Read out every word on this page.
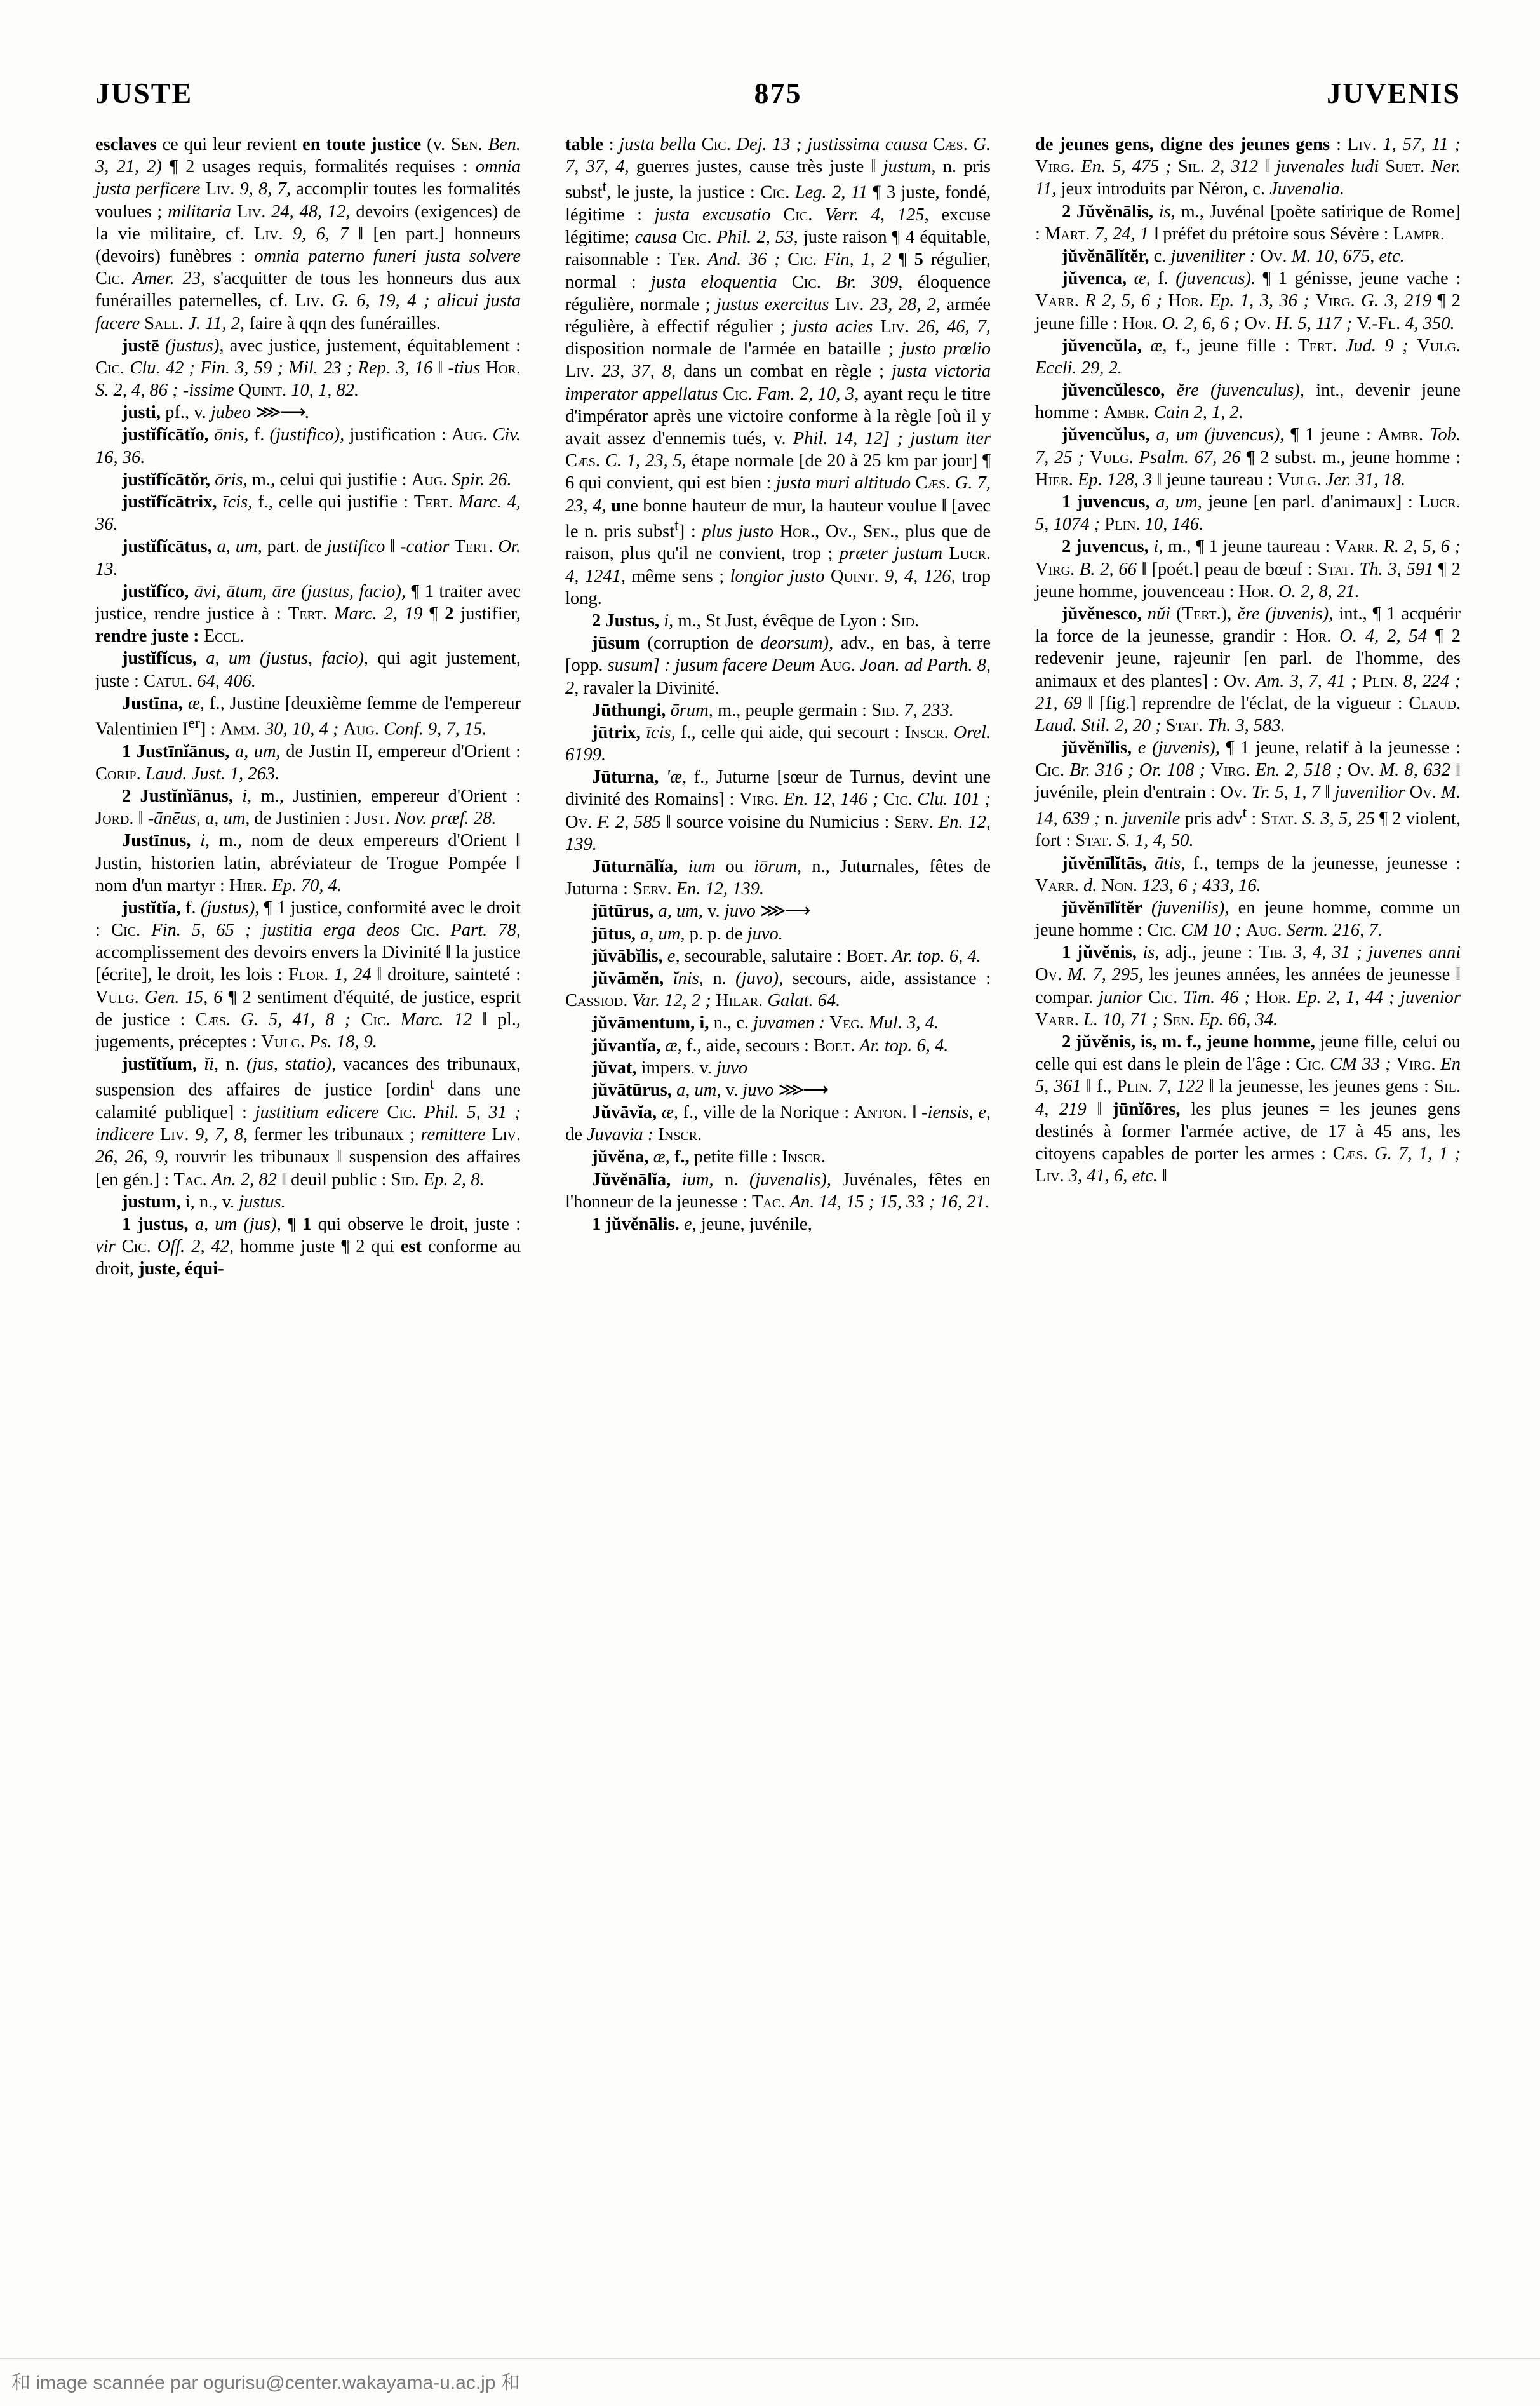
JUSTE	875	JUVENIS

esclaves ce qui leur revient en toute justice (v. Sen. Ben. 3, 21, 2) ¶ 2 usages requis, formalités requises : omnia justa perficere Liv. 9, 8, 7, accomplir toutes les formalités voulues ; militaria Liv. 24, 48, 12, devoirs (exigences) de la vie militaire, cf. Liv. 9, 6, 7 ‖ [en part.] honneurs (devoirs) funèbres : omnia paterno funeri justa solvere Cic. Amer. 23, s'acquitter de tous les honneurs dus aux funérailles paternelles, cf. Liv. G. 6, 19, 4 ; alicui justa facere Sall. J. 11, 2, faire à qqn des funérailles.

justē (justus), avec justice, justement, équitablement : Cic. Clu. 42 ; Fin. 3, 59 ; Mil. 23 ; Rep. 3, 16 ‖ -tius Hor. S. 2, 4, 86 ; -issime Quint. 10, 1, 82.

justi, pf., v. jubeo ⋙⟶.

justĭfĭcātĭo, ōnis, f. (justifico), justification : Aug. Civ. 16, 36.

justĭfĭcātŏr, ōris, m., celui qui justifie : Aug. Spir. 26.

justĭfĭcātrix, īcis, f., celle qui justifie : Tert. Marc. 4, 36.

justĭfĭcātus, a, um, part. de justifico ‖ -catior Tert. Or. 13.

justĭfĭco, āvi, ātum, āre (justus, facio), ¶ 1 traiter avec justice, rendre justice à : Tert. Marc. 2, 19 ¶ 2 justifier, rendre juste : Eccl.

justĭfĭcus, a, um (justus, facio), qui agit justement, juste : Catul. 64, 406.

Justīna, æ, f., Justine [deuxième femme de l'empereur Valentinien Ier] : Amm. 30, 10, 4 ; Aug. Conf. 9, 7, 15.

1 Justīnĭānus, a, um, de Justin II, empereur d'Orient : Corip. Laud. Just. 1, 263.

2 Justĭnĭānus, i, m., Justinien, empereur d'Orient : Jord. ‖ -ānēus, a, um, de Justinien : Just. Nov. præf. 28.

Justīnus, i, m., nom de deux empereurs d'Orient ‖ Justin, historien latin, abréviateur de Trogue Pompée ‖ nom d'un martyr : Hier. Ep. 70, 4.

justĭtĭa, f. (justus), ¶ 1 justice, conformité avec le droit : Cic. Fin. 5, 65 ; justitia erga deos Cic. Part. 78, accomplissement des devoirs envers la Divinité ‖ la justice [écrite], le droit, les lois : Flor. 1, 24 ‖ droiture, sainteté : Vulg. Gen. 15, 6 ¶ 2 sentiment d'équité, de justice, esprit de justice : Cæs. G. 5, 41, 8 ; Cic. Marc. 12 ‖ pl., jugements, préceptes : Vulg. Ps. 18, 9.

justĭtĭum, ĭi, n. (jus, statio), vacances des tribunaux, suspension des affaires de justice [ordin$^t$ dans une calamité publique] : justitium edicere Cic. Phil. 5, 31 ; indicere Liv. 9, 7, 8, fermer les tribunaux ; remittere Liv. 26, 26, 9, rouvrir les tribunaux ‖ suspension des affaires [en gén.] : Tac. An. 2, 82 ‖ deuil public : Sid. Ep. 2, 8.

justum, i, n., v. justus.

1 justus, a, um (jus), ¶ 1 qui observe le droit, juste : vir Cic. Off. 2, 42, homme juste ¶ 2 qui est conforme au droit, juste, équi-

table : justa bella Cic. Dej. 13 ; justissima causa Cæs. G. 7, 37, 4, guerres justes, cause très juste ‖ justum, n. pris subst$^t$, le juste, la justice : Cic. Leg. 2, 11 ¶ 3 juste, fondé, légitime : justa excusatio Cic. Verr. 4, 125, excuse légitime; causa Cic. Phil. 2, 53, juste raison ¶ 4 équitable, raisonnable : Ter. And. 36 ; Cic. Fin, 1, 2 ¶ 5 régulier, normal : justa eloquentia Cic. Br. 309, éloquence régulière, normale ; justus exercitus Liv. 23, 28, 2, armée régulière, à effectif régulier ; justa acies Liv. 26, 46, 7, disposition normale de l'armée en bataille ; justo prœlio Liv. 23, 37, 8, dans un combat en règle ; justa victoria imperator appellatus Cic. Fam. 2, 10, 3, ayant reçu le titre d'impérator après une victoire conforme à la règle [où il y avait assez d'ennemis tués, v. Phil. 14, 12] ; justum iter Cæs. C. 1, 23, 5, étape normale [de 20 à 25 km par jour] ¶ 6 qui convient, qui est bien : justa muri altitudo Cæs. G. 7, 23, 4, une bonne hauteur de mur, la hauteur voulue ‖ [avec le n. pris subst$^t$] : plus justo Hor., Ov., Sen., plus que de raison, plus qu'il ne convient, trop ; præter justum Lucr. 4, 1241, même sens ; longior justo Quint. 9, 4, 126, trop long.

2 Justus, i, m., St Just, évêque de Lyon : Sid.

jūsum (corruption de deorsum), adv., en bas, à terre [opp. susum] : jusum facere Deum Aug. Joan. ad Parth. 8, 2, ravaler la Divinité.

Jūthungi, ōrum, m., peuple germain : Sid. 7, 233.

jūtrix, īcis, f., celle qui aide, qui secourt : Inscr. Orel. 6199.

Jūturna, 'æ, f., Juturne [sœur de Turnus, devint une divinité des Romains] : Virg. En. 12, 146 ; Cic. Clu. 101 ; Ov. F. 2, 585 ‖ source voisine du Numicius : Serv. En. 12, 139.

Jūturnālĭa, ium ou iōrum, n., Juturnales, fêtes de Juturna : Serv. En. 12, 139.

jūtūrus, a, um, v. juvo ⋙⟶

jūtus, a, um, p. p. de juvo.

jŭvābĭlis, e, secourable, salutaire : Boet. Ar. top. 6, 4.

jŭvāmĕn, ĭnis, n. (juvo), secours, aide, assistance : Cassiod. Var. 12, 2 ; Hilar. Galat. 64.

jŭvāmentum, i, n., c. juvamen : Veg. Mul. 3, 4.

jŭvantĭa, æ, f., aide, secours : Boet. Ar. top. 6, 4.

jŭvat, impers. v. juvo

jŭvātūrus, a, um, v. juvo ⋙⟶

Jŭvāvĭa, æ, f., ville de la Norique : Anton. ‖ -iensis, e, de Juvavia : Inscr.

jŭvĕna, æ, f., petite fille : Inscr.

Jŭvĕnālĭa, ium, n. (juvenalis), Juvénales, fêtes en l'honneur de la jeunesse : Tac. An. 14, 15 ; 15, 33 ; 16, 21.

1 jŭvĕnālis. e, jeune, juvénile,

de jeunes gens, digne des jeunes gens : Liv. 1, 57, 11 ; Virg. En. 5, 475 ; Sil. 2, 312 ‖ juvenales ludi Suet. Ner. 11, jeux introduits par Néron, c. Juvenalia.

2 Jŭvĕnālis, is, m., Juvénal [poète satirique de Rome] : Mart. 7, 24, 1 ‖ préfet du prétoire sous Sévère : Lampr.

jŭvĕnālĭtĕr, c. juveniliter : Ov. M. 10, 675, etc.

jŭvenca, æ, f. (juvencus). ¶ 1 génisse, jeune vache : Varr. R 2, 5, 6 ; Hor. Ep. 1, 3, 36 ; Virg. G. 3, 219 ¶ 2 jeune fille : Hor. O. 2, 6, 6 ; Ov. H. 5, 117 ; V.-Fl. 4, 350.

jŭvencŭla, æ, f., jeune fille : Tert. Jud. 9 ; Vulg. Eccli. 29, 2.

jŭvencŭlesco, ĕre (juvenculus), int., devenir jeune homme : Ambr. Cain 2, 1, 2.

jŭvencŭlus, a, um (juvencus), ¶ 1 jeune : Ambr. Tob. 7, 25 ; Vulg. Psalm. 67, 26 ¶ 2 subst. m., jeune homme : Hier. Ep. 128, 3 ‖ jeune taureau : Vulg. Jer. 31, 18.

1 juvencus, a, um, jeune [en parl. d'animaux] : Lucr. 5, 1074 ; Plin. 10, 146.

2 juvencus, i, m., ¶ 1 jeune taureau : Varr. R. 2, 5, 6 ; Virg. B. 2, 66 ‖ [poét.] peau de bœuf : Stat. Th. 3, 591 ¶ 2 jeune homme, jouvenceau : Hor. O. 2, 8, 21.

jŭvĕnesco, nŭi (Tert.), ĕre (juvenis), int., ¶ 1 acquérir la force de la jeunesse, grandir : Hor. O. 4, 2, 54 ¶ 2 redevenir jeune, rajeunir [en parl. de l'homme, des animaux et des plantes] : Ov. Am. 3, 7, 41 ; Plin. 8, 224 ; 21, 69 ‖ [fig.] reprendre de l'éclat, de la vigueur : Claud. Laud. Stil. 2, 20 ; Stat. Th. 3, 583.

jŭvĕnĭlis, e (juvenis), ¶ 1 jeune, relatif à la jeunesse : Cic. Br. 316 ; Or. 108 ; Virg. En. 2, 518 ; Ov. M. 8, 632 ‖ juvénile, plein d'entrain : Ov. Tr. 5, 1, 7 ‖ juvenilior Ov. M. 14, 639 ; n. juvenile pris adv$^t$ : Stat. S. 3, 5, 25 ¶ 2 violent, fort : Stat. S. 1, 4, 50.

jŭvĕnīlĭtās, ātis, f., temps de la jeunesse, jeunesse : Varr. d. Non. 123, 6 ; 433, 16.

jŭvĕnīlĭtĕr (juvenilis), en jeune homme, comme un jeune homme : Cic. CM 10 ; Aug. Serm. 216, 7.

1 jŭvĕnis, is, adj., jeune : Tib. 3, 4, 31 ; juvenes anni Ov. M. 7, 295, les jeunes années, les années de jeunesse ‖ compar. junior Cic. Tim. 46 ; Hor. Ep. 2, 1, 44 ; juvenior Varr. L. 10, 71 ; Sen. Ep. 66, 34.

2 jŭvĕnis, is, m. f., jeune homme, jeune fille, celui ou celle qui est dans le plein de l'âge : Cic. CM 33 ; Virg. En 5, 361 ‖ f., Plin. 7, 122 ‖ la jeunesse, les jeunes gens : Sil. 4, 219 ‖ jūnĭōres, les plus jeunes = les jeunes gens destinés à former l'armée active, de 17 à 45 ans, les citoyens capables de porter les armes : Cæs. G. 7, 1, 1 ; Liv. 3, 41, 6, etc. ‖

和 image scannée par ogurisu@center.wakayama-u.ac.jp 和
